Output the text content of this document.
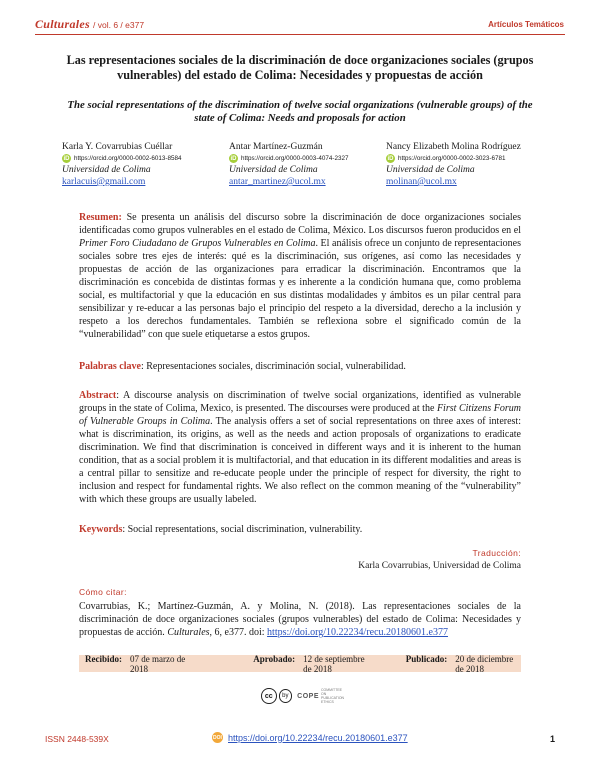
Culturales / vol. 6 / e377	Artículos Temáticos
Las representaciones sociales de la discriminación de doce organizaciones sociales (grupos vulnerables) del estado de Colima: Necesidades y propuestas de acción
The social representations of the discrimination of twelve social organizations (vulnerable groups) of the state of Colima: Needs and proposals for action
Karla Y. Covarrubias Cuéllar
iD https://orcid.org/0000-0002-6013-8584
Universidad de Colima
karlacuis@gmail.com
Antar Martínez-Guzmán
iD https://orcid.org/0000-0003-4074-2327
Universidad de Colima
antar_martinez@ucol.mx
Nancy Elizabeth Molina Rodríguez
iD https://orcid.org/0000-0002-3023-6781
Universidad de Colima
molinan@ucol.mx
Resumen: Se presenta un análisis del discurso sobre la discriminación de doce organizaciones sociales identificadas como grupos vulnerables en el estado de Colima, México. Los discursos fueron producidos en el Primer Foro Ciudadano de Grupos Vulnerables en Colima. El análisis ofrece un conjunto de representaciones sociales sobre tres ejes de interés: qué es la discriminación, sus orígenes, así como las necesidades y propuestas de acción de las organizaciones para erradicar la discriminación. Encontramos que la discriminación es concebida de distintas formas y es inherente a la condición humana que, como problema social, es multifactorial y que la educación en sus distintas modalidades y ámbitos es un pilar central para sensibilizar y re-educar a las personas bajo el principio del respeto a la diversidad, derecho a la inclusión y respeto a los derechos fundamentales. También se reflexiona sobre el significado común de la “vulnerabilidad” con que suele etiquetarse a estos grupos.
Palabras clave: Representaciones sociales, discriminación social, vulnerabilidad.
Abstract: A discourse analysis on discrimination of twelve social organizations, identified as vulnerable groups in the state of Colima, Mexico, is presented. The discourses were produced at the First Citizens Forum of Vulnerable Groups in Colima. The analysis offers a set of social representations on three axes of interest: what is discrimination, its origins, as well as the needs and action proposals of organizations to eradicate discrimination. We find that discrimination is conceived in different ways and it is inherent to the human condition, that as a social problem it is multifactorial, and that education in its different modalities and areas is a central pillar to sensitize and re-educate people under the principle of respect for diversity, the right to inclusion and respect for fundamental rights. We also reflect on the common meaning of the “vulnerability” with which these groups are usually labeled.
Keywords: Social representations, social discrimination, vulnerability.
Traducción:
Karla Covarrubias, Universidad de Colima
Cómo citar:
Covarrubias, K.; Martínez-Guzmán, A. y Molina, N. (2018). Las representaciones sociales de la discriminación de doce organizaciones sociales (grupos vulnerables) del estado de Colima: Necesidades y propuestas de acción. Culturales, 6, e377. doi: https://doi.org/10.22234/recu.20180601.e377
Recibido: 07 de marzo de 2018
Aprobado: 12 de septiembre de 2018
Publicado: 20 de diciembre de 2018
cc	by	COPE
COMMITTEE ON PUBLICATION ETHICS
ISSN 2448-539X	DOI https://doi.org/10.22234/recu.20180601.e377	1
